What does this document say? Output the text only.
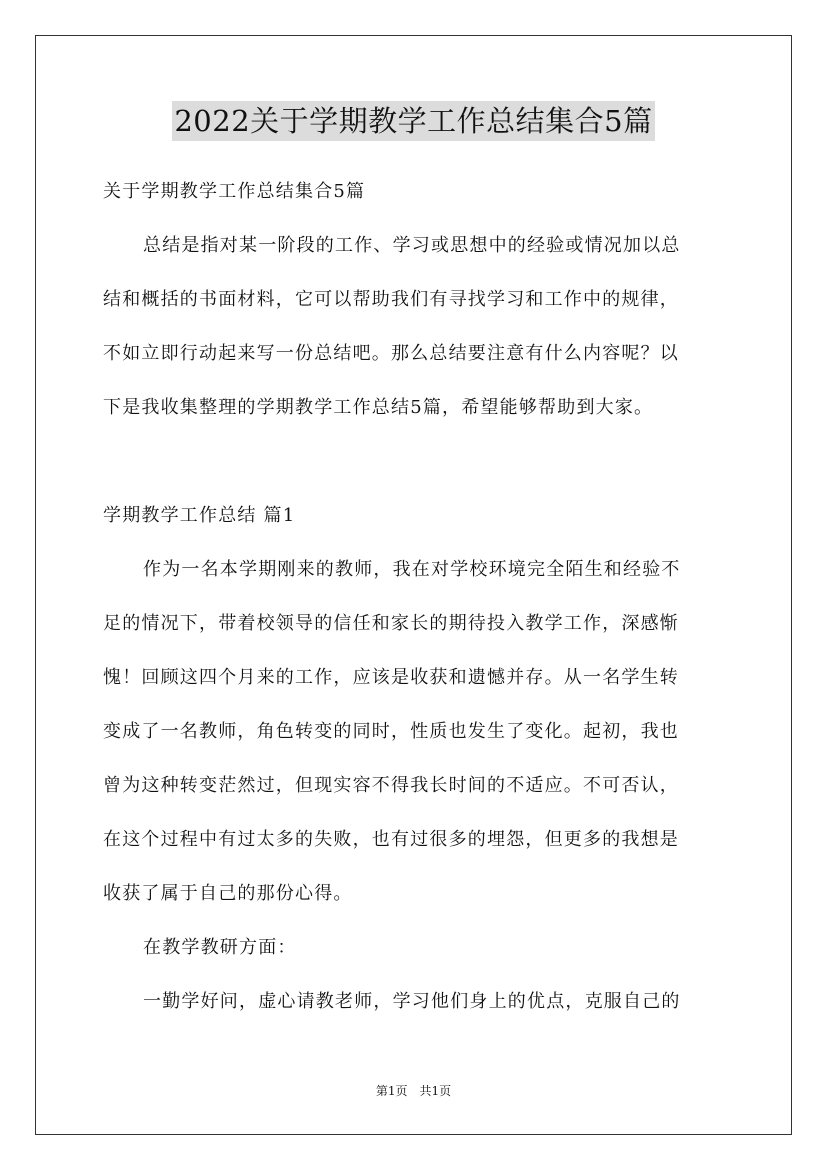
2022关于学期教学工作总结集合5篇
关于学期教学工作总结集合5篇
总结是指对某一阶段的工作、学习或思想中的经验或情况加以总
结和概括的书面材料，它可以帮助我们有寻找学习和工作中的规律，
不如立即行动起来写一份总结吧。那么总结要注意有什么内容呢？以
下是我收集整理的学期教学工作总结5篇，希望能够帮助到大家。
学期教学工作总结 篇1
作为一名本学期刚来的教师，我在对学校环境完全陌生和经验不
足的情况下，带着校领导的信任和家长的期待投入教学工作，深感惭
愧！回顾这四个月来的工作，应该是收获和遗憾并存。从一名学生转
变成了一名教师，角色转变的同时，性质也发生了变化。起初，我也
曾为这种转变茫然过，但现实容不得我长时间的不适应。不可否认，
在这个过程中有过太多的失败，也有过很多的埋怨，但更多的我想是
收获了属于自己的那份心得。
在教学教研方面：
一勤学好问，虚心请教老师，学习他们身上的优点，克服自己的
第1页　共1页
